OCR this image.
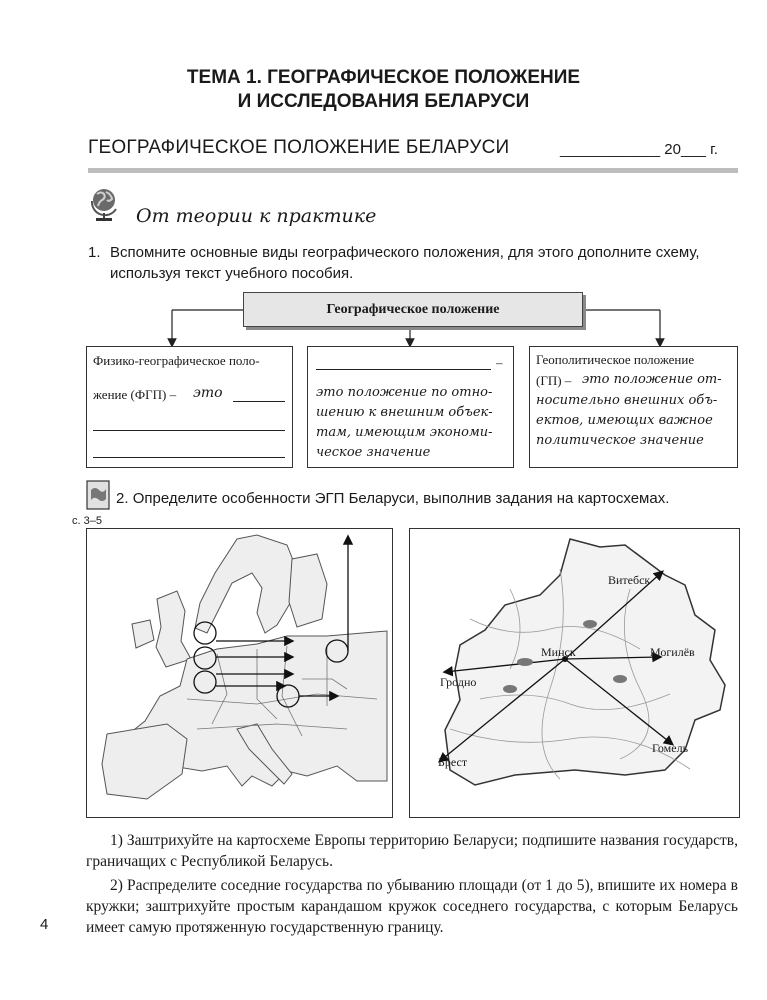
ТЕМА 1. ГЕОГРАФИЧЕСКОЕ ПОЛОЖЕНИЕ
И ИССЛЕДОВАНИЯ БЕЛАРУСИ
ГЕОГРАФИЧЕСКОЕ ПОЛОЖЕНИЕ БЕЛАРУСИ	____________ 20___ г.
От теории к практике
1. Вспомните основные виды географического положения, для этого дополните схему, используя текст учебного пособия.
Географическое положение
Физико-географическое поло-
жение (ФГП) – это
–
это положение по отно-
шению к внешним объек-
там, имеющим экономи-
ческое значение
Геополитическое положение
(ГП) – это положение от-
носительно внешних объ-
ектов, имеющих важное
политическое значение
2. Определите особенности ЭГП Беларуси, выполнив задания на картосхемах.
с. 3–5
Витебск
Минск	Могилёв
Гродно
Брест
Гомель
1) Заштрихуйте на картосхеме Европы территорию Беларуси; подпишите названия государств, граничащих с Республикой Беларусь.
2) Распределите соседние государства по убыванию площади (от 1 до 5), впишите их номера в кружки; заштрихуйте простым карандашом кружок соседнего государства, с которым Беларусь имеет самую протяженную государственную границу.
4
